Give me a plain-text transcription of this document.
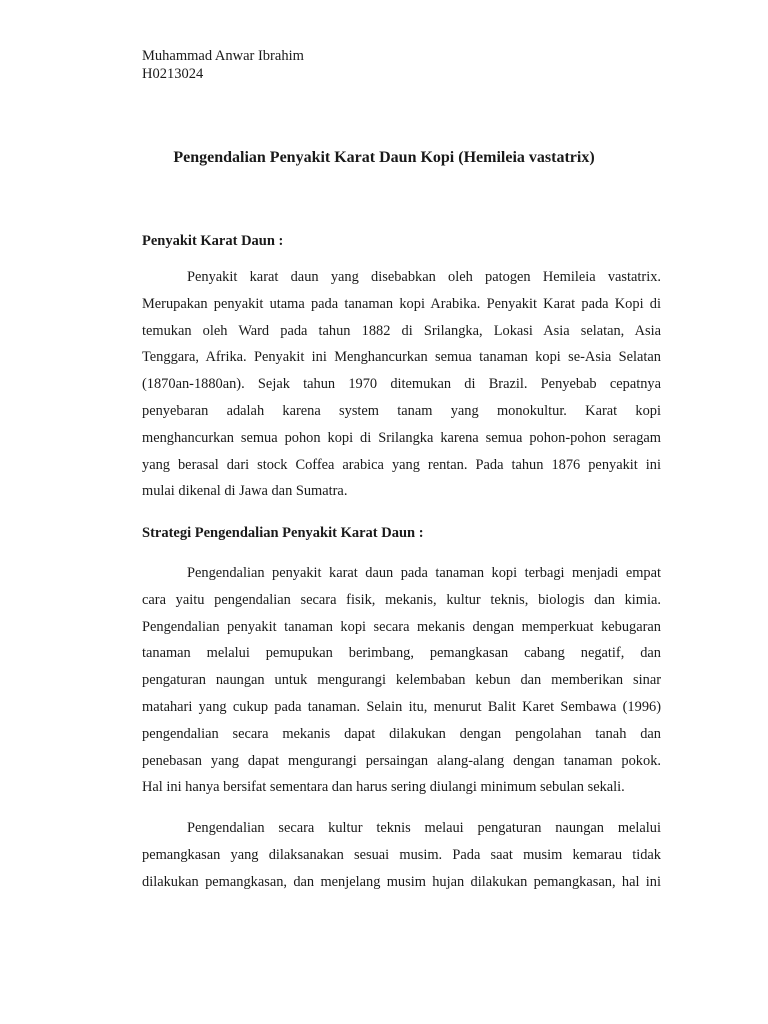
Muhammad Anwar Ibrahim
H0213024
Pengendalian Penyakit Karat Daun Kopi (Hemileia vastatrix)
Penyakit Karat Daun :
Penyakit karat daun yang disebabkan oleh patogen Hemileia vastatrix.
Merupakan penyakit utama pada tanaman kopi Arabika. Penyakit Karat pada Kopi di
temukan oleh Ward pada tahun 1882 di Srilangka, Lokasi Asia selatan, Asia
Tenggara, Afrika. Penyakit ini Menghancurkan semua tanaman kopi se-Asia Selatan
(1870an-1880an). Sejak tahun 1970 ditemukan di Brazil. Penyebab cepatnya
penyebaran adalah karena system tanam yang monokultur. Karat kopi
menghancurkan semua pohon kopi di Srilangka karena semua pohon-pohon seragam
yang berasal dari stock Coffea arabica yang rentan. Pada tahun 1876 penyakit ini
mulai dikenal di Jawa dan Sumatra.
Strategi Pengendalian Penyakit Karat Daun :
Pengendalian penyakit karat daun pada tanaman kopi terbagi menjadi empat
cara yaitu pengendalian secara fisik, mekanis, kultur teknis, biologis dan kimia.
Pengendalian penyakit tanaman kopi secara mekanis dengan memperkuat kebugaran
tanaman melalui pemupukan berimbang, pemangkasan cabang negatif, dan
pengaturan naungan untuk mengurangi kelembaban kebun dan memberikan sinar
matahari yang cukup pada tanaman. Selain itu, menurut Balit Karet Sembawa (1996)
pengendalian secara mekanis dapat dilakukan dengan pengolahan tanah dan
penebasan yang dapat mengurangi persaingan alang-alang dengan tanaman pokok.
Hal ini hanya bersifat sementara dan harus sering diulangi minimum sebulan sekali.
Pengendalian secara kultur teknis melaui pengaturan naungan melalui
pemangkasan yang dilaksanakan sesuai musim. Pada saat musim kemarau tidak
dilakukan pemangkasan, dan menjelang musim hujan dilakukan pemangkasan, hal ini
